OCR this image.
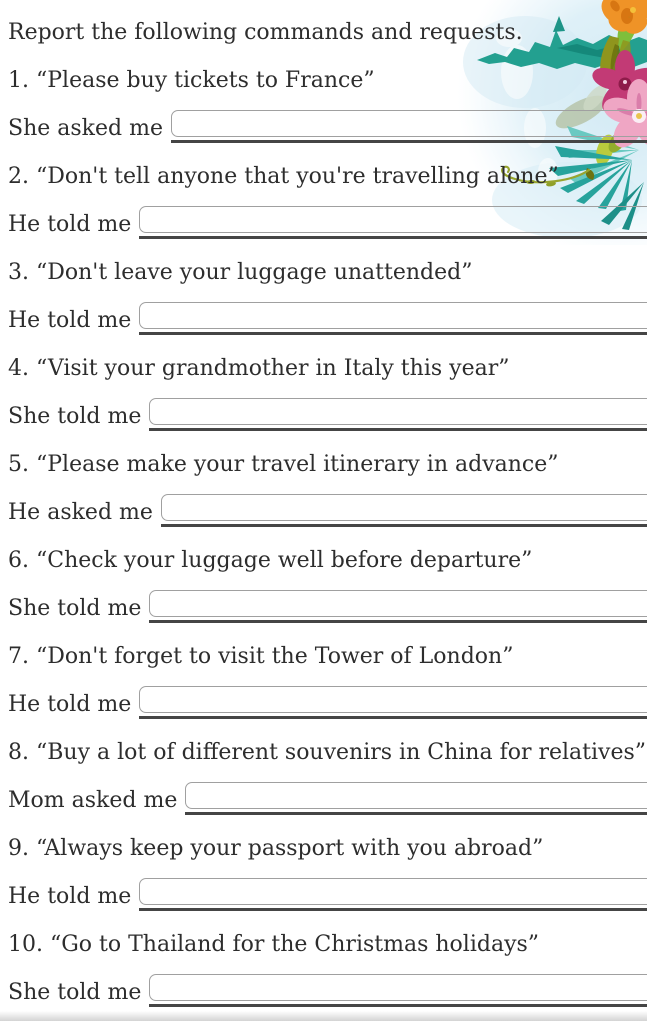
Report the following commands and requests.
1. “Please buy tickets to France”
She asked me
2. “Don't tell anyone that you're travelling alone”
He told me
3. “Don't leave your luggage unattended”
He told me
4. “Visit your grandmother in Italy this year”
She told me
5. “Please make your travel itinerary in advance”
He asked me
6. “Check your luggage well before departure”
She told me
7. “Don't forget to visit the Tower of London”
He told me
8. “Buy a lot of different souvenirs in China for relatives”
Mom asked me
9. “Always keep your passport with you abroad”
He told me
10. “Go to Thailand for the Christmas holidays”
She told me
